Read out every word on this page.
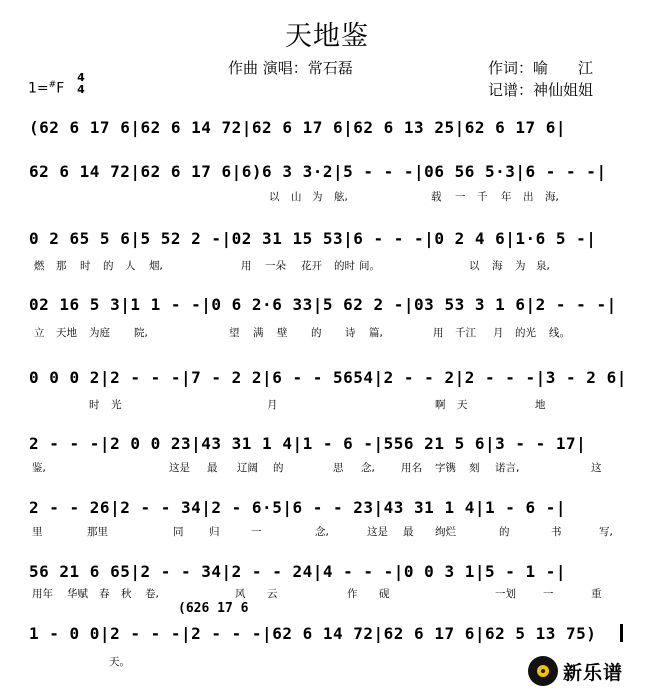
天地鉴
作曲 演唱：常石磊	作词：喻　　江
记谱：神仙姐姐
1=#F
4
4
(62 6 17 6|62 6 14 72|62 6 17 6|62 6 13 25|62 6 17 6|
62 6 14 72|62 6 17 6|6)6 3 3·2|5 - - -|06 56 5·3|6 - - -|
以 山 为 舷,	载 一 千 年 出 海,
0 2 65 5 6|5 52 2 -|02 31 15 53|6 - - -|0 2 4 6|1·6 5 -|
燃 那 时 的 人 烟,	用 一朵 花开 的时 间。	以 海 为 泉,
02 16 5 3|1 1 - -|0 6 2·6 33|5 62 2 -|03 53 3 1 6|2 - - -|
立 天地 为庭 院,	望 满 壁 的 诗 篇,	用 千江 月 的光 线。
0 0 0 2|2 - - -|7 - 2 2|6 - - 5654|2 - - 2|2 - - -|3 - 2 6|
时 光	月	啊 天	地
2 - - -|2 0 0 23|43 31 1 4|1 - 6 -|556 21 5 6|3 - - 17|
鉴,	这是 最 辽阔 的	思 念, 用名 字镌 刻 诺言,	这
2 - - 26|2 - - 34|2 - 6·5|6 - - 23|43 31 1 4|1 - 6 -|
里	那里	同 归	一	念,	这是 最 绚烂	的	书	写,
56 21 6 65|2 - - 34|2 - - 24|4 - - -|0 0 3 1|5 - 1 -|
用年 华赋 春 秋 卷,	风 云	作 砚	一划	一	重
(626 17 6
1 - 0 0|2 - - -|2 - - -|62 6 14 72|62 6 17 6|62 5 13 75)
天。	新乐谱
